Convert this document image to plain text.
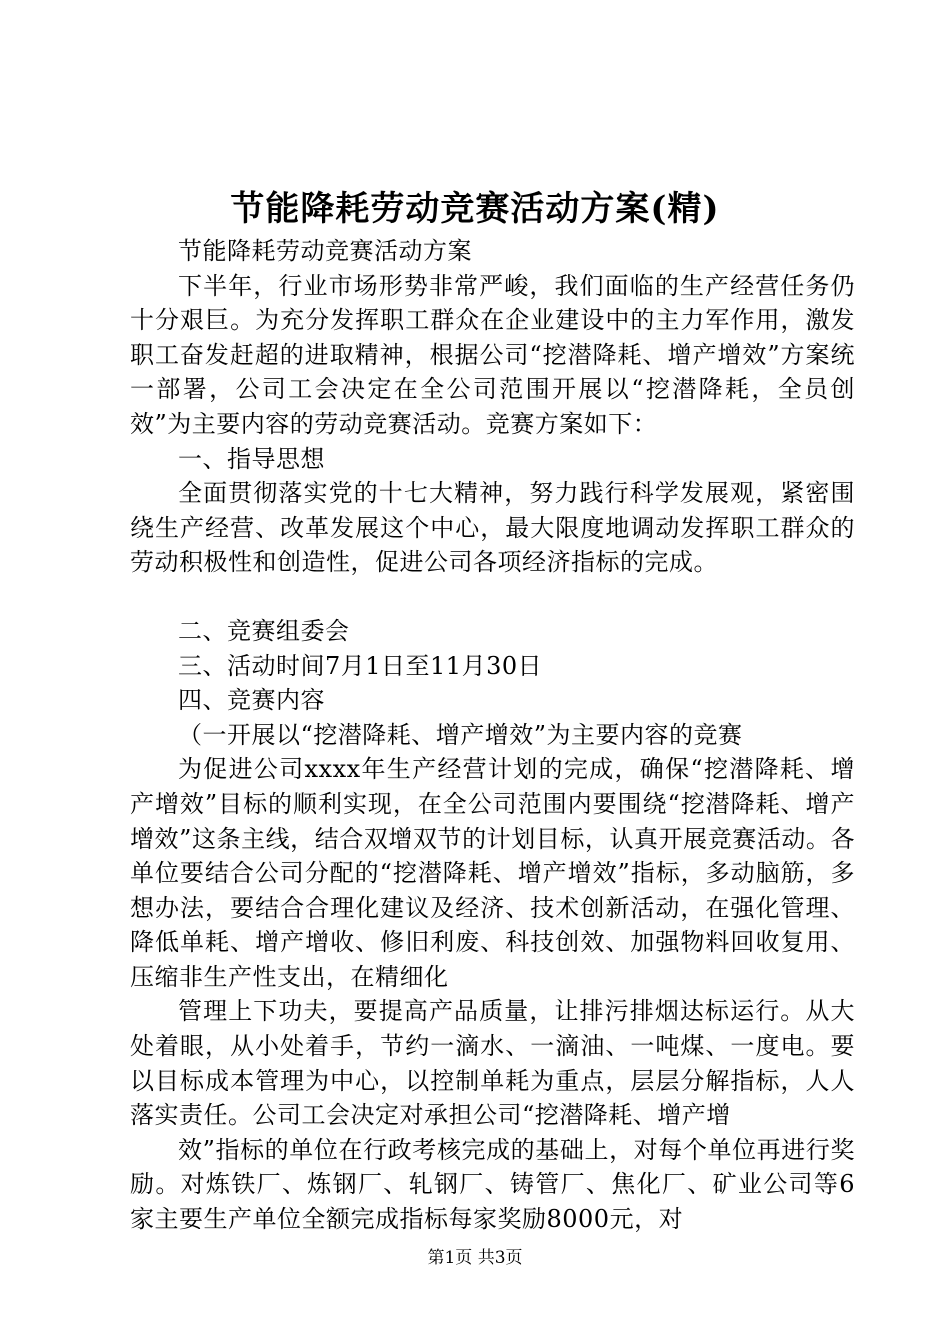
节能降耗劳动竞赛活动方案(精)

节能降耗劳动竞赛活动方案

下半年，行业市场形势非常严峻，我们面临的生产经营任务仍十分艰巨。为充分发挥职工群众在企业建设中的主力军作用，激发职工奋发赶超的进取精神，根据公司“挖潜降耗、增产增效”方案统一部署，公司工会决定在全公司范围开展以“挖潜降耗，全员创效”为主要内容的劳动竞赛活动。竞赛方案如下：

一、指导思想

全面贯彻落实党的十七大精神，努力践行科学发展观，紧密围绕生产经营、改革发展这个中心，最大限度地调动发挥职工群众的劳动积极性和创造性，促进公司各项经济指标的完成。

二、竞赛组委会

三、活动时间7月1日至11月30日

四、竞赛内容

（一开展以“挖潜降耗、增产增效”为主要内容的竞赛

为促进公司xxxx年生产经营计划的完成，确保“挖潜降耗、增产增效”目标的顺利实现，在全公司范围内要围绕“挖潜降耗、增产增效”这条主线，结合双增双节的计划目标，认真开展竞赛活动。各单位要结合公司分配的“挖潜降耗、增产增效”指标，多动脑筋，多想办法，要结合合理化建议及经济、技术创新活动，在强化管理、降低单耗、增产增收、修旧利废、科技创效、加强物料回收复用、压缩非生产性支出，在精细化

管理上下功夫，要提高产品质量，让排污排烟达标运行。从大处着眼，从小处着手，节约一滴水、一滴油、一吨煤、一度电。要以目标成本管理为中心，以控制单耗为重点，层层分解指标，人人落实责任。公司工会决定对承担公司“挖潜降耗、增产增

效”指标的单位在行政考核完成的基础上，对每个单位再进行奖励。对炼铁厂、炼钢厂、轧钢厂、铸管厂、焦化厂、矿业公司等6家主要生产单位全额完成指标每家奖励8000元，对

第1页 共3页
